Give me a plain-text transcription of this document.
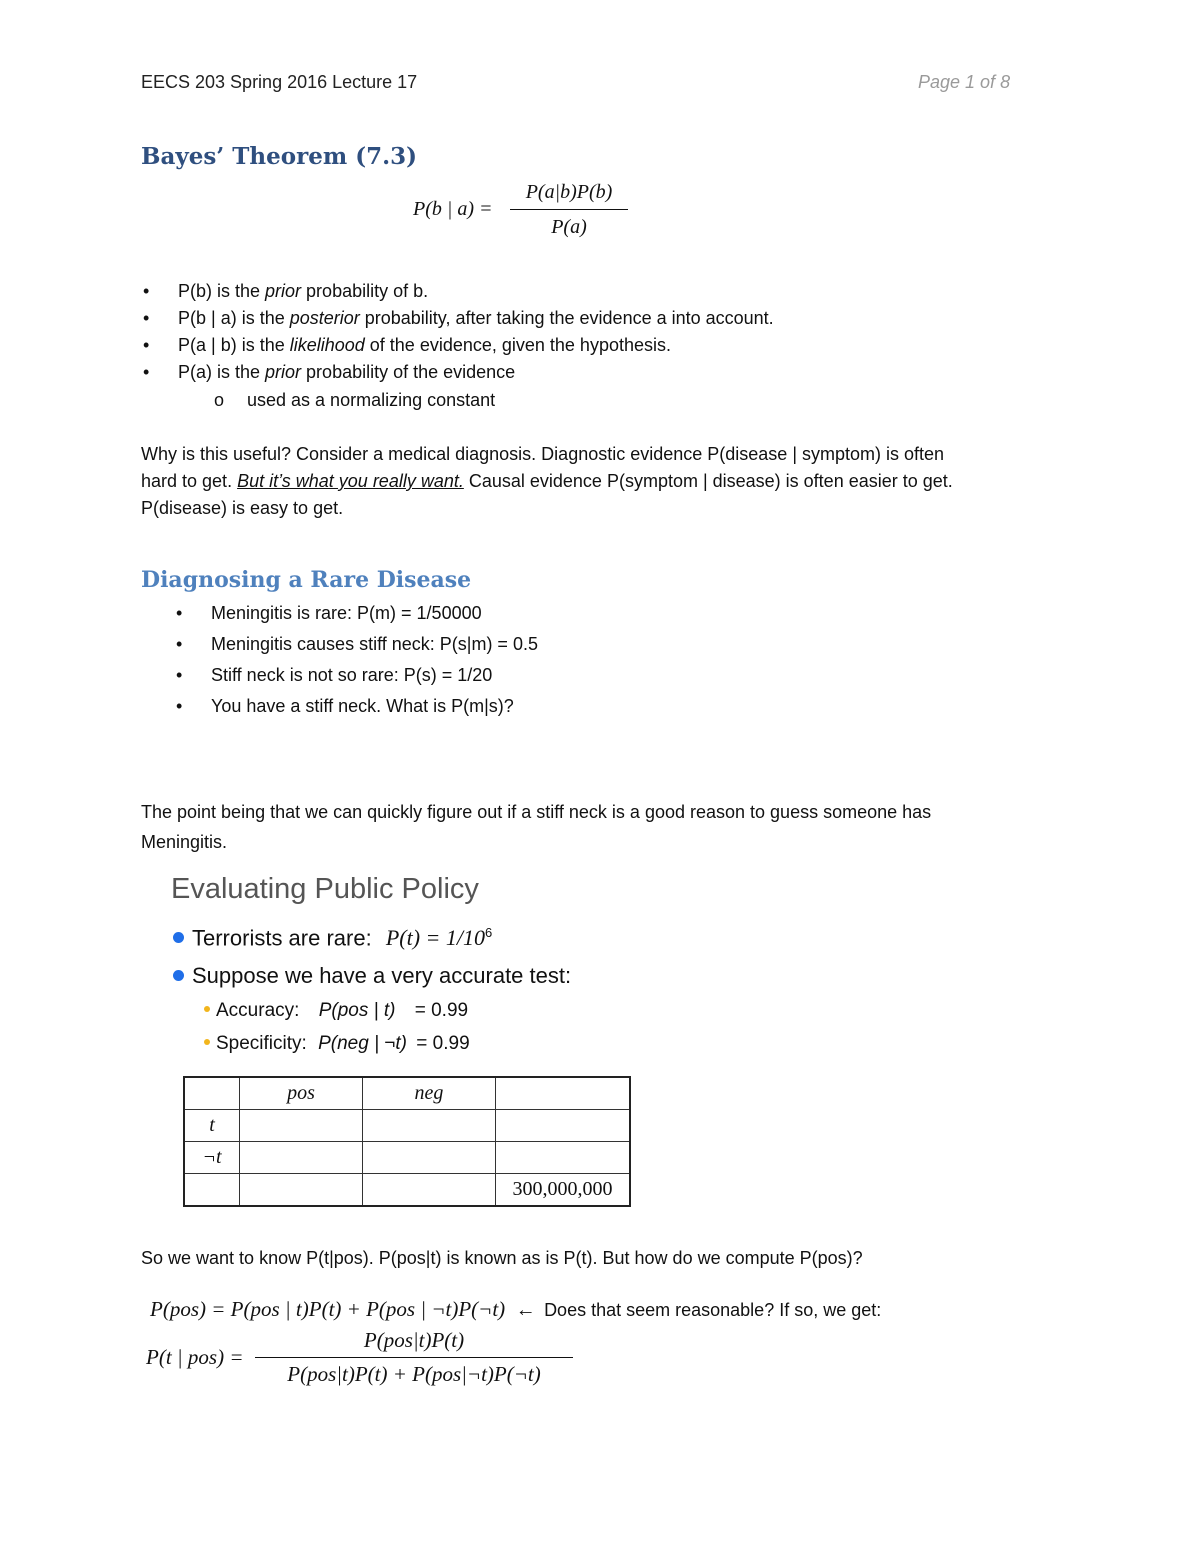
EECS 203 Spring 2016 Lecture 17	Page 1 of 8
Bayes’ Theorem (7.3)
P(b | a) =
P(a|b)P(b)
P(a)
• P(b) is the prior probability of b.
• P(b | a) is the posterior probability, after taking the evidence a into account.
• P(a | b) is the likelihood of the evidence, given the hypothesis.
• P(a) is the prior probability of the evidence
o used as a normalizing constant
Why is this useful? Consider a medical diagnosis. Diagnostic evidence P(disease | symptom) is often
hard to get. But it’s what you really want. Causal evidence P(symptom | disease) is often easier to get.
P(disease) is easy to get.
Diagnosing a Rare Disease
• Meningitis is rare: P(m) = 1/50000
• Meningitis causes stiff neck: P(s|m) = 0.5
• Stiff neck is not so rare: P(s) = 1/20
• You have a stiff neck. What is P(m|s)?
The point being that we can quickly figure out if a stiff neck is a good reason to guess someone has
Meningitis.
Evaluating Public Policy
Terrorists are rare: $P(t) = 1/10^6$
Suppose we have a very accurate test:
Accuracy: P(pos | t) = 0.99
Specificity: P(neg | ¬t) = 0.99
	pos	neg	
t			
¬t			
			300,000,000
So we want to know P(t|pos). P(pos|t) is known as is P(t). But how do we compute P(pos)?
P(pos) = P(pos | t)P(t) + P(pos | ¬t)P(¬t) ← Does that seem reasonable? If so, we get:
P(t | pos) =
P(pos|t)P(t)
P(pos|t)P(t) + P(pos|¬t)P(¬t)
